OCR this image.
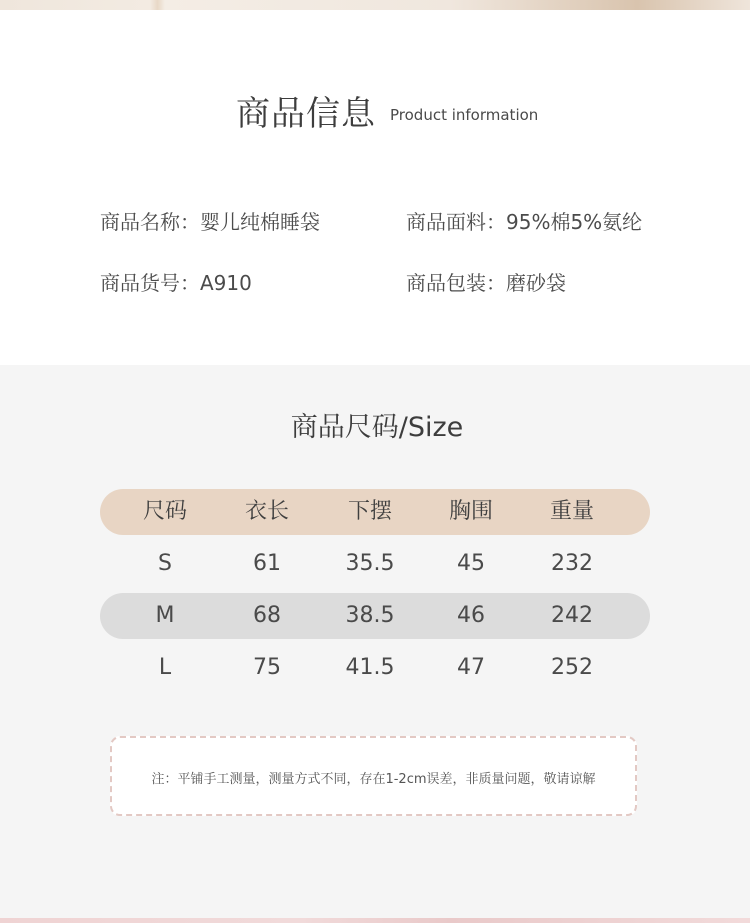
商品信息 Product information
商品名称：婴儿纯棉睡袋	商品面料：95%棉5%氨纶
商品货号：A910	商品包装：磨砂袋
商品尺码/Size
尺码	衣长	下摆	胸围	重量
S	61	35.5	45	232
M	68	38.5	46	242
L	75	41.5	47	252
注：平铺手工测量，测量方式不同，存在1-2cm误差，非质量问题，敬请谅解
